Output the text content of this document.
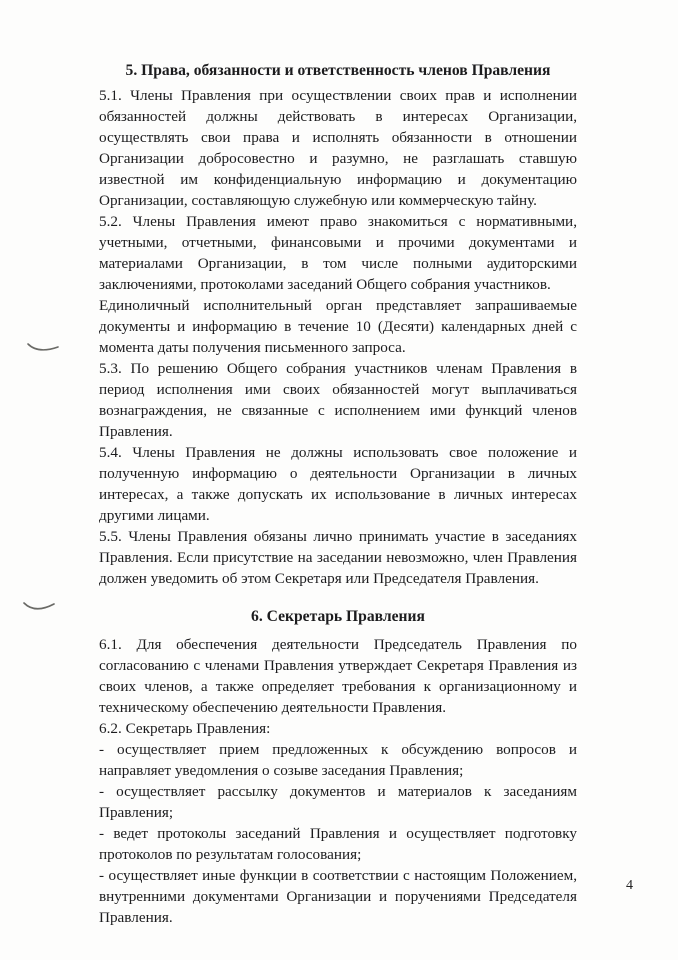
5. Права, обязанности и ответственность членов Правления

5.1. Члены Правления при осуществлении своих прав и исполнении обязанностей должны действовать в интересах Организации, осуществлять свои права и исполнять обязанности в отношении Организации добросовестно и разумно, не разглашать ставшую известной им конфиденциальную информацию и документацию Организации, составляющую служебную или коммерческую тайну.

5.2. Члены Правления имеют право знакомиться с нормативными, учетными, отчетными, финансовыми и прочими документами и материалами Организации, в том числе полными аудиторскими заключениями, протоколами заседаний Общего собрания участников.

Единоличный исполнительный орган представляет запрашиваемые документы и информацию в течение 10 (Десяти) календарных дней с момента даты получения письменного запроса.

5.3. По решению Общего собрания участников членам Правления в период исполнения ими своих обязанностей могут выплачиваться вознаграждения, не связанные с исполнением ими функций членов Правления.

5.4. Члены Правления не должны использовать свое положение и полученную информацию о деятельности Организации в личных интересах, а также допускать их использование в личных интересах другими лицами.

5.5. Члены Правления обязаны лично принимать участие в заседаниях Правления. Если присутствие на заседании невозможно, член Правления должен уведомить об этом Секретаря или Председателя Правления.

6. Секретарь Правления

6.1. Для обеспечения деятельности Председатель Правления по согласованию с членами Правления утверждает Секретаря Правления из своих членов, а также определяет требования к организационному и техническому обеспечению деятельности Правления.

6.2. Секретарь Правления:

- осуществляет прием предложенных к обсуждению вопросов и направляет уведомления о созыве заседания Правления;

- осуществляет рассылку документов и материалов к заседаниям Правления;

- ведет протоколы заседаний Правления и осуществляет подготовку протоколов по результатам голосования;

- осуществляет иные функции в соответствии с настоящим Положением, внутренними документами Организации и поручениями Председателя Правления.

4
